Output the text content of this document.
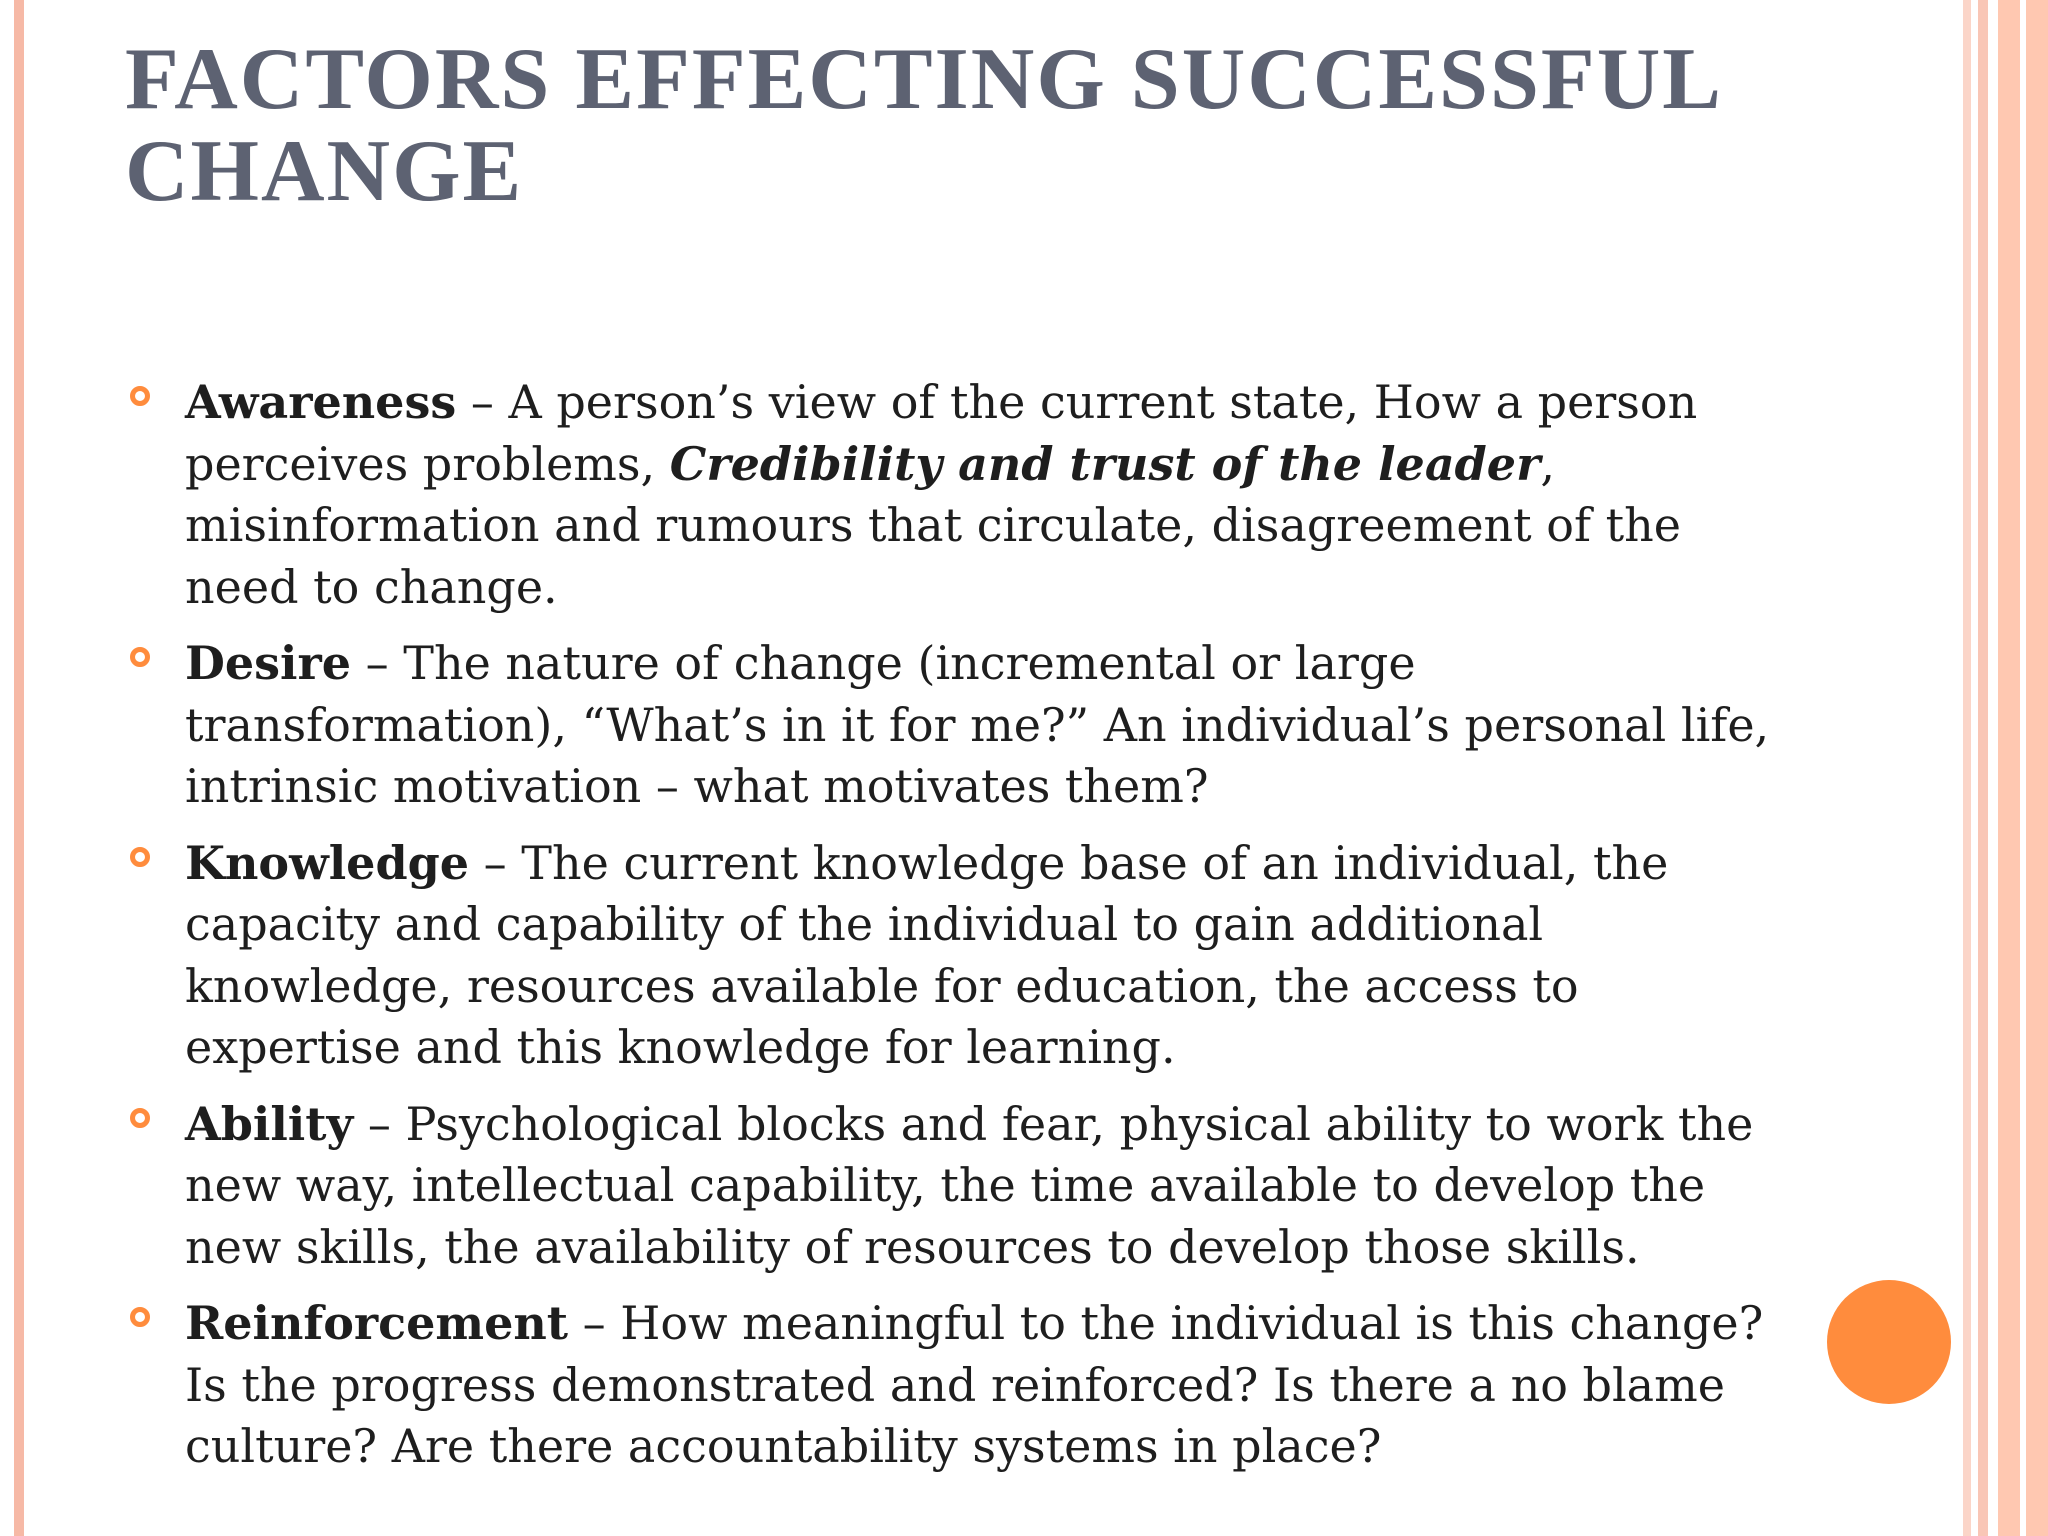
FACTORS EFFECTING SUCCESSFUL CHANGE
Awareness – A person’s view of the current state, How a person perceives problems, Credibility and trust of the leader, misinformation and rumours that circulate, disagreement of the need to change.
Desire – The nature of change (incremental or large transformation), “What’s in it for me?” An individual’s personal life, intrinsic motivation – what motivates them?
Knowledge – The current knowledge base of an individual, the capacity and capability of the individual to gain additional knowledge, resources available for education, the access to expertise and this knowledge for learning.
Ability – Psychological blocks and fear, physical ability to work the new way, intellectual capability, the time available to develop the new skills, the availability of resources to develop those skills.
Reinforcement – How meaningful to the individual is this change? Is the progress demonstrated and reinforced? Is there a no blame culture? Are there accountability systems in place?
